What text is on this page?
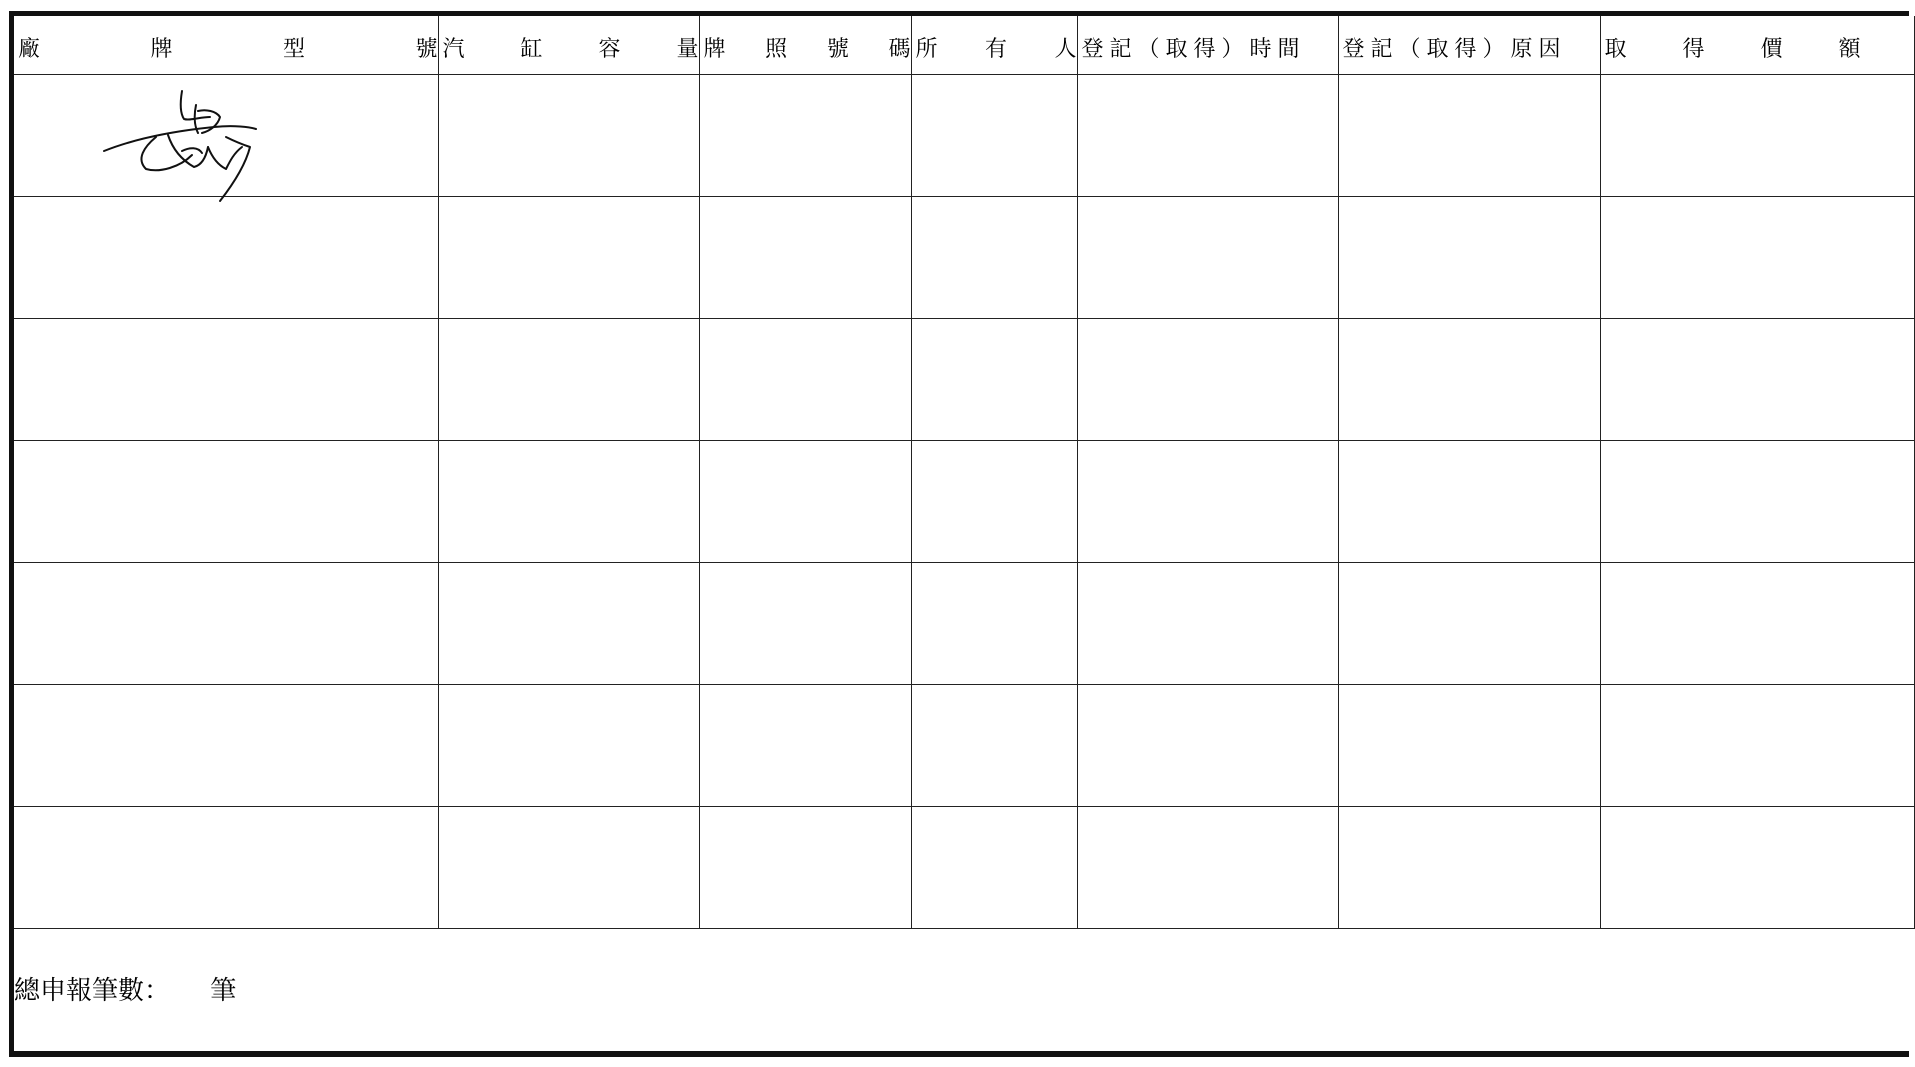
廠 牌 型 號	汽 缸 容 量	牌 照 號 碼	所 有 人	登記（取得）時間	登記（取得）原因	取 得 價 額

總申報筆數： 筆
